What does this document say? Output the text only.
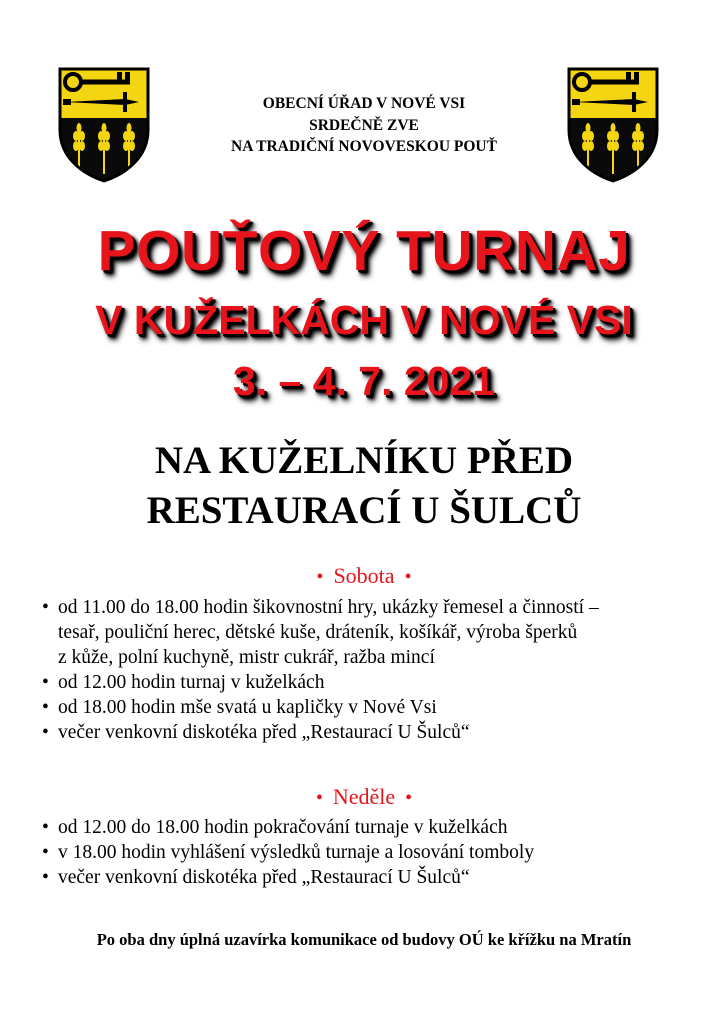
OBECNÍ ÚŘAD V NOVÉ VSI
SRDEČNĚ ZVE
NA TRADIČNÍ NOVOVESKOU POUŤ
POUŤOVÝ TURNAJ
V KUŽELKÁCH V NOVÉ VSI
3. – 4. 7. 2021
NA KUŽELNÍKU PŘED
RESTAURACÍ U ŠULCŮ
• Sobota •
• od 11.00 do 18.00 hodin šikovnostní hry, ukázky řemesel a činností –
tesař, pouliční herec, dětské kuše, dráteník, košíkář, výroba šperků
z kůže, polní kuchyně, mistr cukrář, ražba mincí
• od 12.00 hodin turnaj v kuželkách
• od 18.00 hodin mše svatá u kapličky v Nové Vsi
• večer venkovní diskotéka před „Restaurací U Šulců“
• Neděle •
• od 12.00 do 18.00 hodin pokračování turnaje v kuželkách
• v 18.00 hodin vyhlášení výsledků turnaje a losování tomboly
• večer venkovní diskotéka před „Restaurací U Šulců“
Po oba dny úplná uzavírka komunikace od budovy OÚ ke křížku na Mratín
